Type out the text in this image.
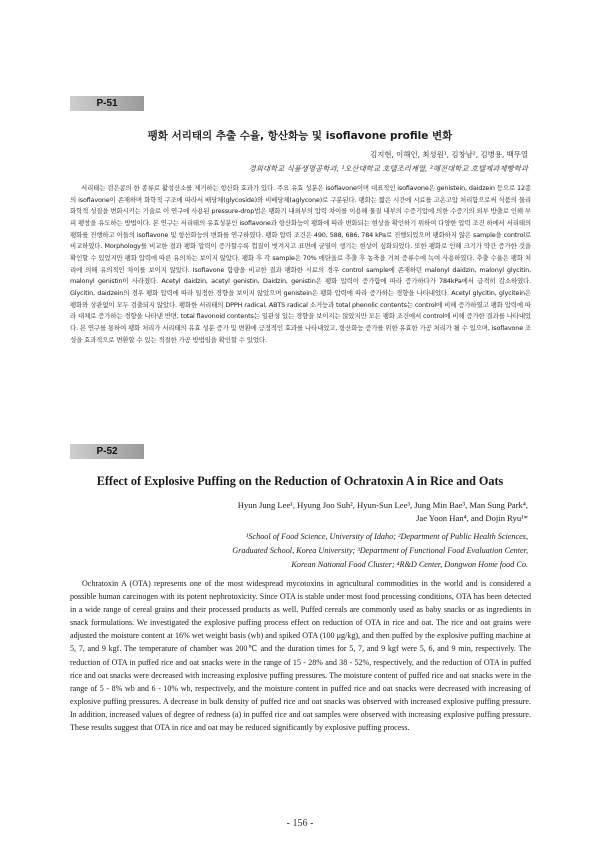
P-51
팽화 서리태의 추출 수율, 항산화능 및 isoflavone profile 변화
김지현, 이해인, 최성원¹, 김창남², 김병용, 백무열
경희대학교 식품생명공학과, ¹오산대학교 호텔조리계열, ²혜전대학교 호텔제과제빵학과
서리태는 검은콩의 한 종류로 활성산소를 제거하는 항산화 효과가 있다. 주요 유효 성분은 isoflavone이며 대표적인 isoflavone은 genistein, daidzein 등으로 12종의 isoflavone이 존재하며 화학적 구조에 따라서 배당체(glycoside)와 비배당체(aglycone)로 구분된다. 팽화는 짧은 시간에 시료를 고온고압 처리함으로써 식품의 물리화학적 성질을 변화시키는 기술로 이 연구에 사용된 pressure-drop법은 팽화기 내외부의 압력 차이를 이용해 물질 내부의 수증기압에 의한 수증기의 외부 방출로 인해 부피 팽창을 유도하는 방법이다. 본 연구는 서리태의 유효성분인 isoflavone과 항산화능이 팽화에 따라 변화되는 현상을 확인하기 위하여 다양한 압력 조건 하에서 서리태의 팽화를 진행하고 이들의 isoflavone 및 항산화능의 변화를 연구하였다. 팽화 압력 조건은 490, 588, 686, 784 kPa로 진행되었으며 팽화하지 않은 sample을 control로 비교하였다. Morphology를 비교한 결과 팽화 압력이 증가할수록 껍질이 벗겨지고 표면에 균열이 생기는 현상이 심화되었다. 또한 팽화로 인해 크기가 약간 증가한 것을 확인할 수 있었지만 팽화 압력에 따른 유의차는 보이지 않았다. 팽화 후 각 sample은 70% 에탄올로 추출 후 농축을 거쳐 증류수에 녹여 사용하였다. 추출 수율은 팽화 처리에 의해 유의적인 차이를 보이지 않았다. Isoflavone 함량을 비교한 결과 팽화한 시료의 경우 control sample에 존재하던 malonyl daidzin, malonyl glycitin, malonyl genistin이 사라졌다. Acetyl daidzin, acetyl genistin, Daidzin, genistin은 팽화 압력이 증가함에 따라 증가하다가 784kPa에서 급격히 감소하였다. Glycitin, daidzein의 경우 팽화 압력에 따라 일정한 경향을 보이지 않았으며 genistein은 팽화 압력에 따라 증가하는 경향을 나타내었다. Acetyl glycitin, glycitein은 팽화와 상관없이 모두 검출되지 않았다. 팽화한 서리태의 DPPH radical, ABTS radical 소거능과 total phenolic contents는 control에 비해 증가하였고 팽화 압력에 따라 대체로 증가하는 경향을 나타낸 반면, total flavonoid contents는 일관성 있는 경향을 보이지는 않았지만 모든 팽화 조건에서 control에 비해 증가한 결과를 나타내었다. 본 연구를 통하여 팽화 처리가 서리태의 유효 성분 증가 및 변환에 긍정적인 효과를 나타내었고, 항산화능 증가를 위한 유효한 가공 처리가 될 수 있으며, isoflavone 조성을 효과적으로 변환할 수 있는 적절한 가공 방법임을 확인할 수 있었다.
P-52
Effect of Explosive Puffing on the Reduction of Ochratoxin A in Rice and Oats
Hyun Jung Lee¹, Hyung Joo Suh², Hyun-Sun Lee³, Jung Min Bae³, Man Sung Park⁴,
Jae Yoon Han⁴, and Dojin Ryu¹*
¹School of Food Science, University of Idaho; ²Department of Public Health Sciences,
Graduated School, Korea University; ³Department of Functional Food Evaluation Center,
Korean National Food Cluster; ⁴R&D Center, Dongwon Home food Co.
Ochratoxin A (OTA) represents one of the most widespread mycotoxins in agricultural commodities in the world and is considered a possible human carcinogen with its potent nephrotoxicity. Since OTA is stable under most food processing conditions, OTA has been detected in a wide range of cereal grains and their processed products as well. Puffed cereals are commonly used as baby snacks or as ingredients in snack formulations. We investigated the explosive puffing process effect on reduction of OTA in rice and oat. The rice and oat grains were adjusted the moisture content at 16% wet weight basis (wb) and spiked OTA (100 μg/kg), and then puffed by the explosive puffing machine at 5, 7, and 9 kgf. The temperature of chamber was 200℃ and the duration times for 5, 7, and 9 kgf were 5, 6, and 9 min, respectively. The reduction of OTA in puffed rice and oat snacks were in the range of 15 - 28% and 38 - 52%, respectively, and the reduction of OTA in puffed rice and oat snacks were decreased with increasing explosive puffing pressures. The moisture content of puffed rice and oat snacks were in the range of 5 - 8% wb and 6 - 10% wb, respectively, and the moisture content in puffed rice and oat snacks were decreased with increasing of explosive puffing pressures. A decrease in bulk density of puffed rice and oat snacks was observed with increased explosive puffing pressure. In addition, increased values of degree of redness (a) in puffed rice and oat samples were observed with increasing explosive puffing pressure. These results suggest that OTA in rice and oat may be reduced significantly by explosive puffing process.
- 156 -
